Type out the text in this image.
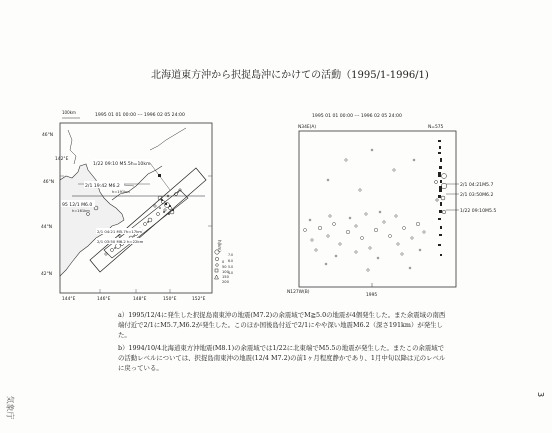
北海道東方沖から択捉島沖にかけての活動（1995/1-1996/1)
1995 01 01 00:00 --- 1996 02 05 24:00
100km
46°N
142°E
44°N
42°N
46°N
144°E	146°E	148°E	150°E	152°E
1/22 09:10 M5.5h=10km
2/1 19:42 M6.2
h=191km
95 12/1 M6.0
h=161km
2/1 04:21 M5.7h=17km
2/1 03:50 M6.2 h=22km	h(km)
0
50
100
150
200
7.0
6.0
5.0
4.0
1995 01 01 00:00 --- 1996 02 05 24:00
N34E(A)	N=575
N127W(B)
1995
2/1 04:21M5.7
2/1 03:50M6.2
1/22 09:10M5.5

a）1995/12/4に発生した択捉島南東沖の地震(M7.2)の余震域でM≧5.0の地震が4個発生した。また余震域の南西端付近で2/1にM5.7,M6.2が発生した。このほか国後島付近で2/1にやや深い地震M6.2（深さ191km）が発生した。

b）1994/10/4北海道東方沖地震(M8.1)の余震域では1/22に北東端でM5.5の地震が発生した。またこの余震域での活動レベルについては、択捉島南東沖の地震(12/4 M7.2)の前1ヶ月程度静かであり、1月中旬以降は元のレベルに戻っている。

3
気象庁
